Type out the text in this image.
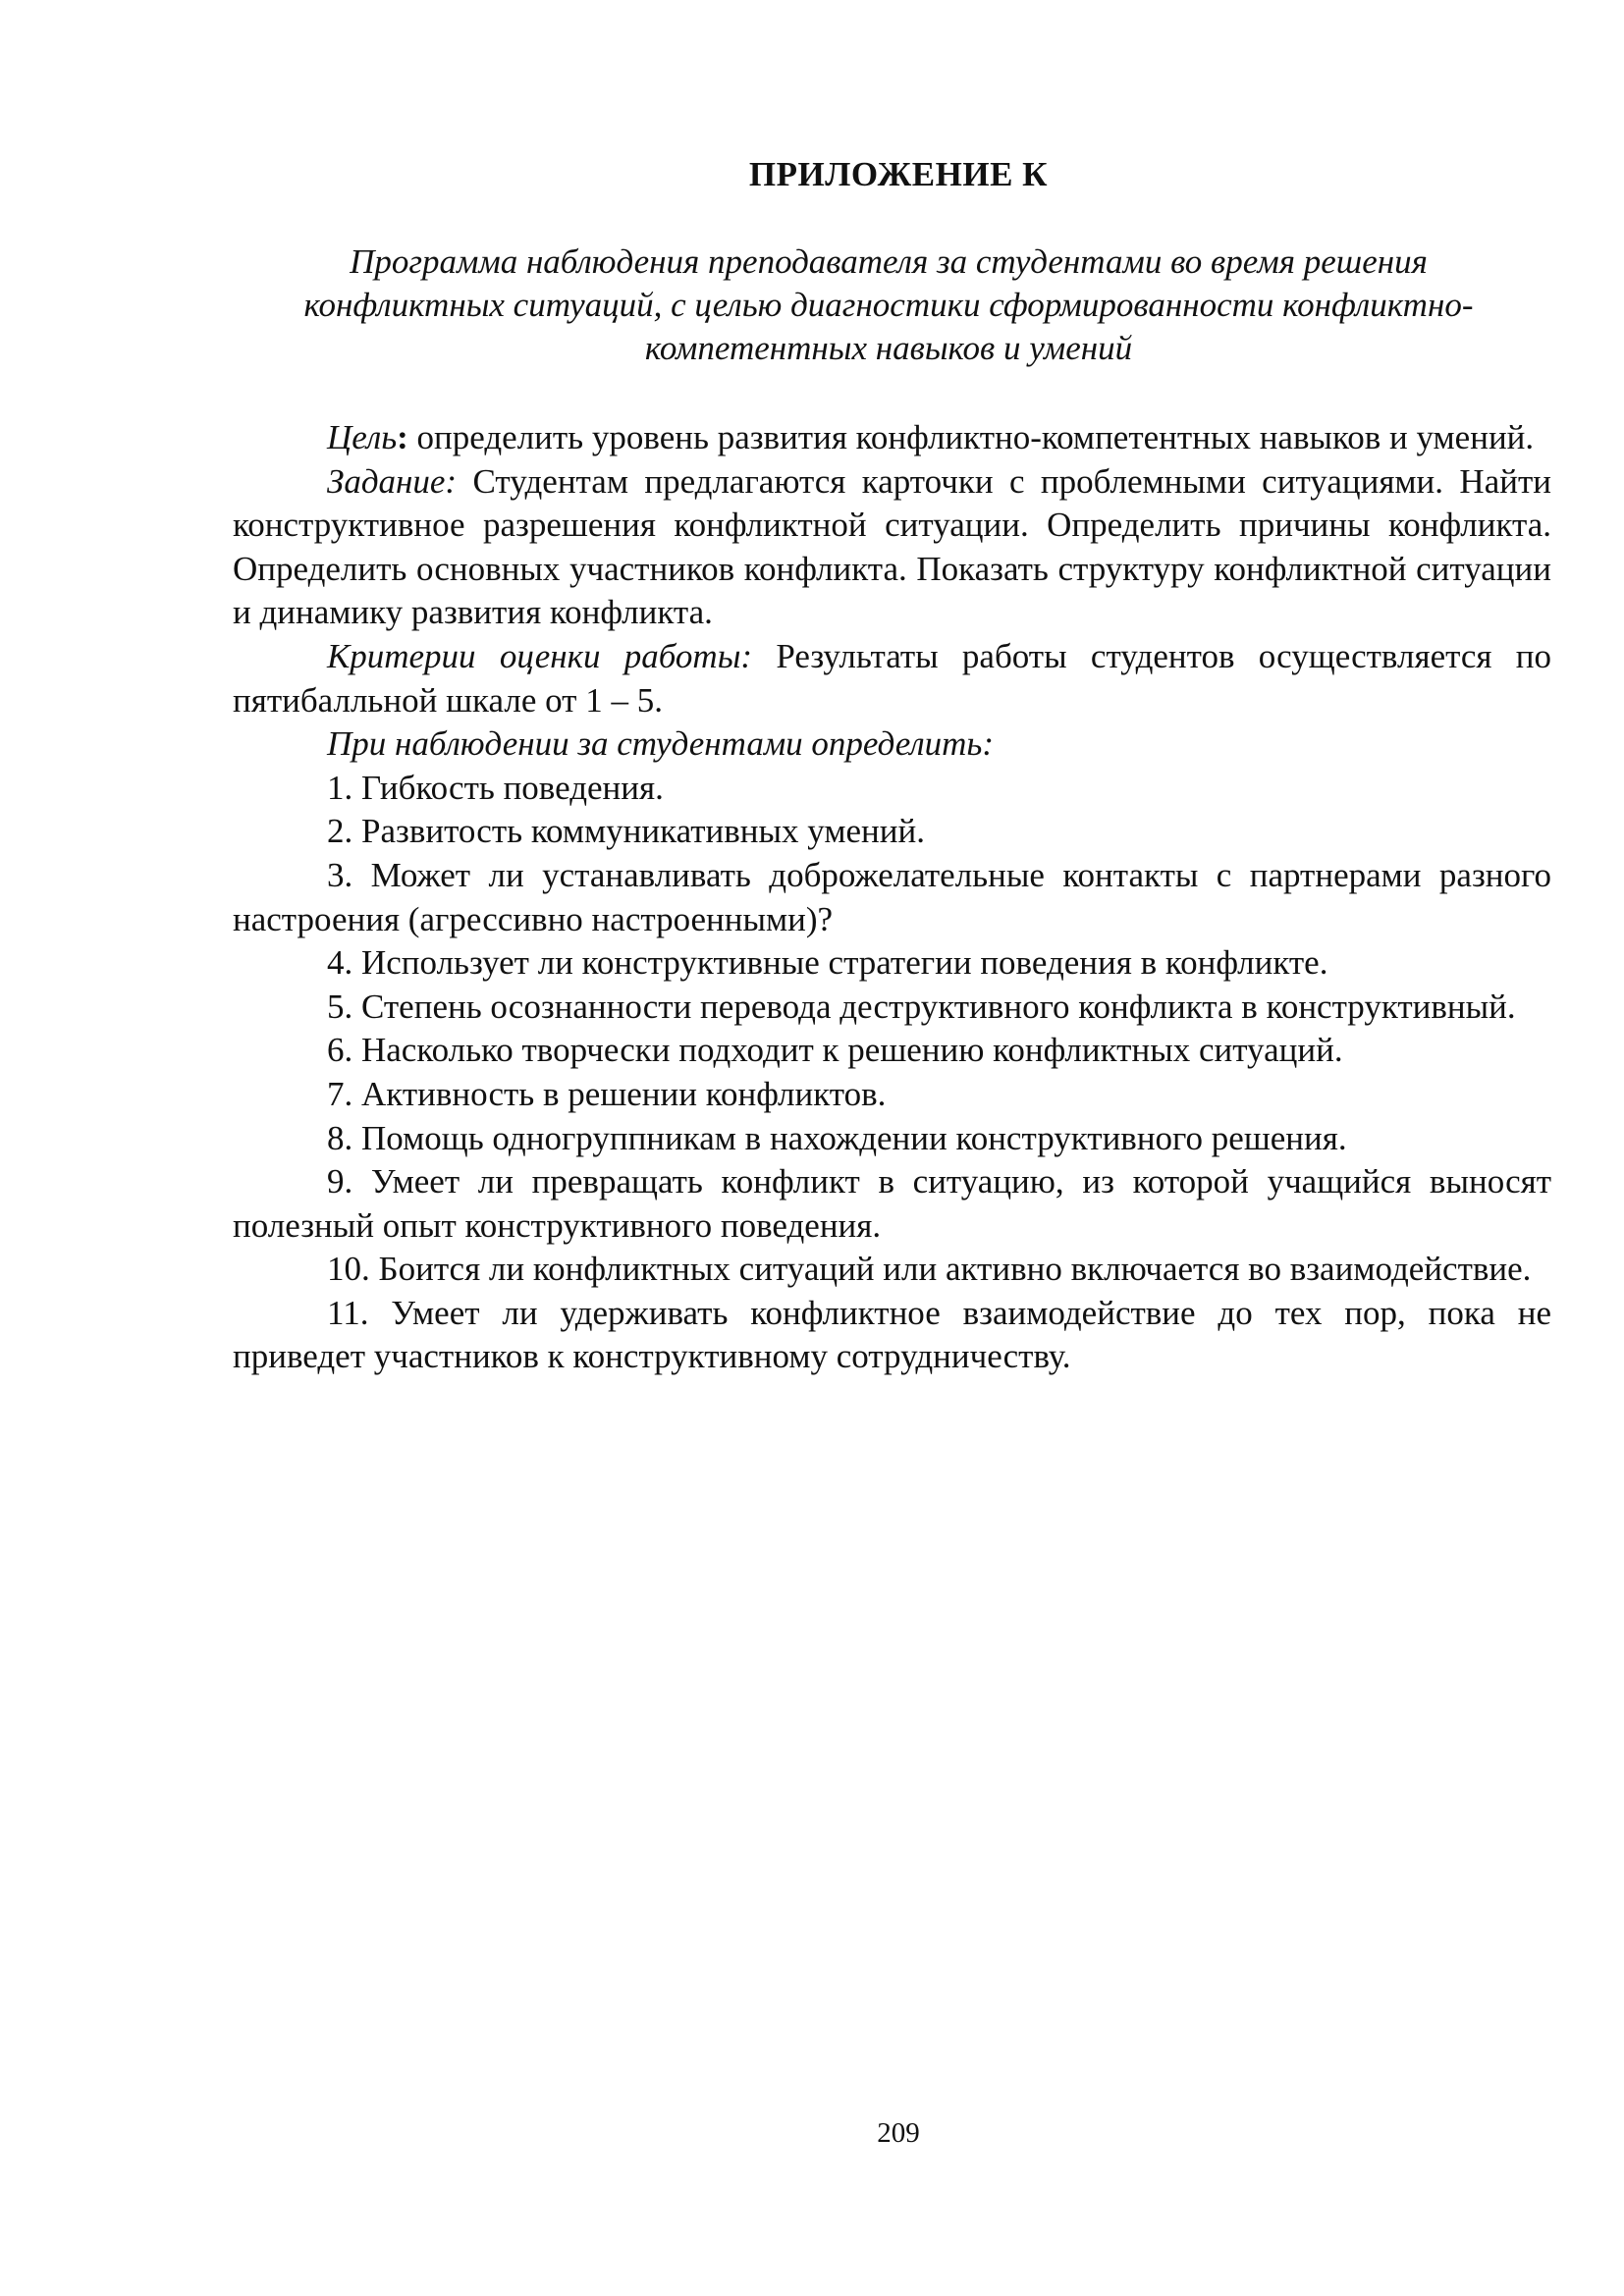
ПРИЛОЖЕНИЕ К
Программа наблюдения преподавателя за студентами во время решения
конфликтных ситуаций, с целью диагностики сформированности конфликтно-
компетентных навыков и умений

Цель: определить уровень развития конфликтно-компетентных навыков и умений.

Задание: Студентам предлагаются карточки с проблемными ситуациями. Найти конструктивное разрешения конфликтной ситуации. Определить причины конфликта. Определить основных участников конфликта. Показать структуру конфликтной ситуации и динамику развития конфликта.

Критерии оценки работы: Результаты работы студентов осуществляется по пятибалльной шкале от 1 – 5.

При наблюдении за студентами определить:

1. Гибкость поведения.

2. Развитость коммуникативных умений.

3. Может ли устанавливать доброжелательные контакты с партнерами разного настроения (агрессивно настроенными)?

4. Использует ли конструктивные стратегии поведения в конфликте.

5. Степень осознанности перевода деструктивного конфликта в конструктивный.

6. Насколько творчески подходит к решению конфликтных ситуаций.

7. Активность в решении конфликтов.

8. Помощь одногруппникам в нахождении конструктивного решения.

9. Умеет ли превращать конфликт в ситуацию, из которой учащийся выносят полезный опыт конструктивного поведения.

10. Боится ли конфликтных ситуаций или активно включается во взаимодействие.

11. Умеет ли удерживать конфликтное взаимодействие до тех пор, пока не приведет участников к конструктивному сотрудничеству.

209
